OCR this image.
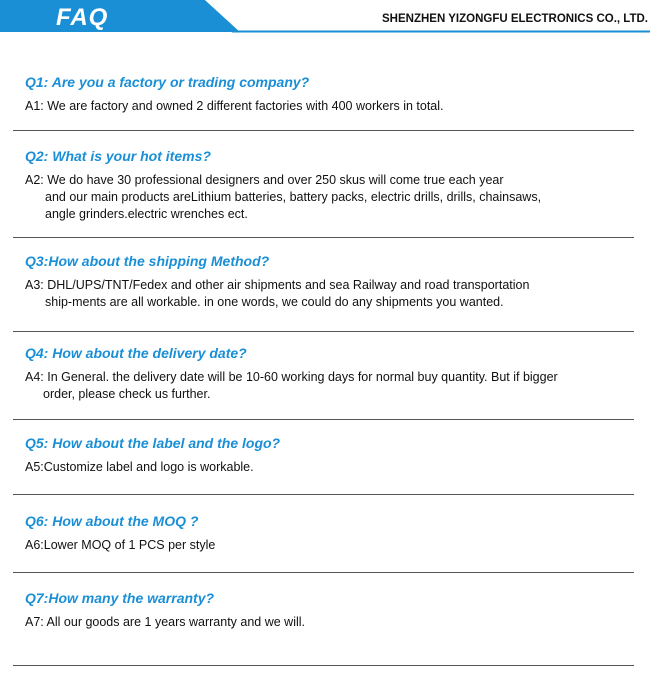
FAQ	SHENZHEN YIZONGFU ELECTRONICS CO., LTD.
Q1: Are you a factory or trading company?
A1: We are factory and owned 2 different factories with 400 workers in total.
Q2: What is your hot items?
A2: We do have 30 professional designers and over 250 skus will come true each year
and our main products areLithium batteries, battery packs, electric drills, drills, chainsaws,
angle grinders.electric wrenches ect.
Q3:How about the shipping Method?
A3: DHL/UPS/TNT/Fedex and other air shipments and sea Railway and road transportation
ship-ments are all workable. in one words, we could do any shipments you wanted.
Q4: How about the delivery date?
A4: In General. the delivery date will be 10-60 working days for normal buy quantity. But if bigger
order, please check us further.
Q5: How about the label and the logo?
A5:Customize label and logo is workable.
Q6: How about the MOQ ?
A6:Lower MOQ of 1 PCS per style
Q7:How many the warranty?
A7: All our goods are 1 years warranty and we will.
